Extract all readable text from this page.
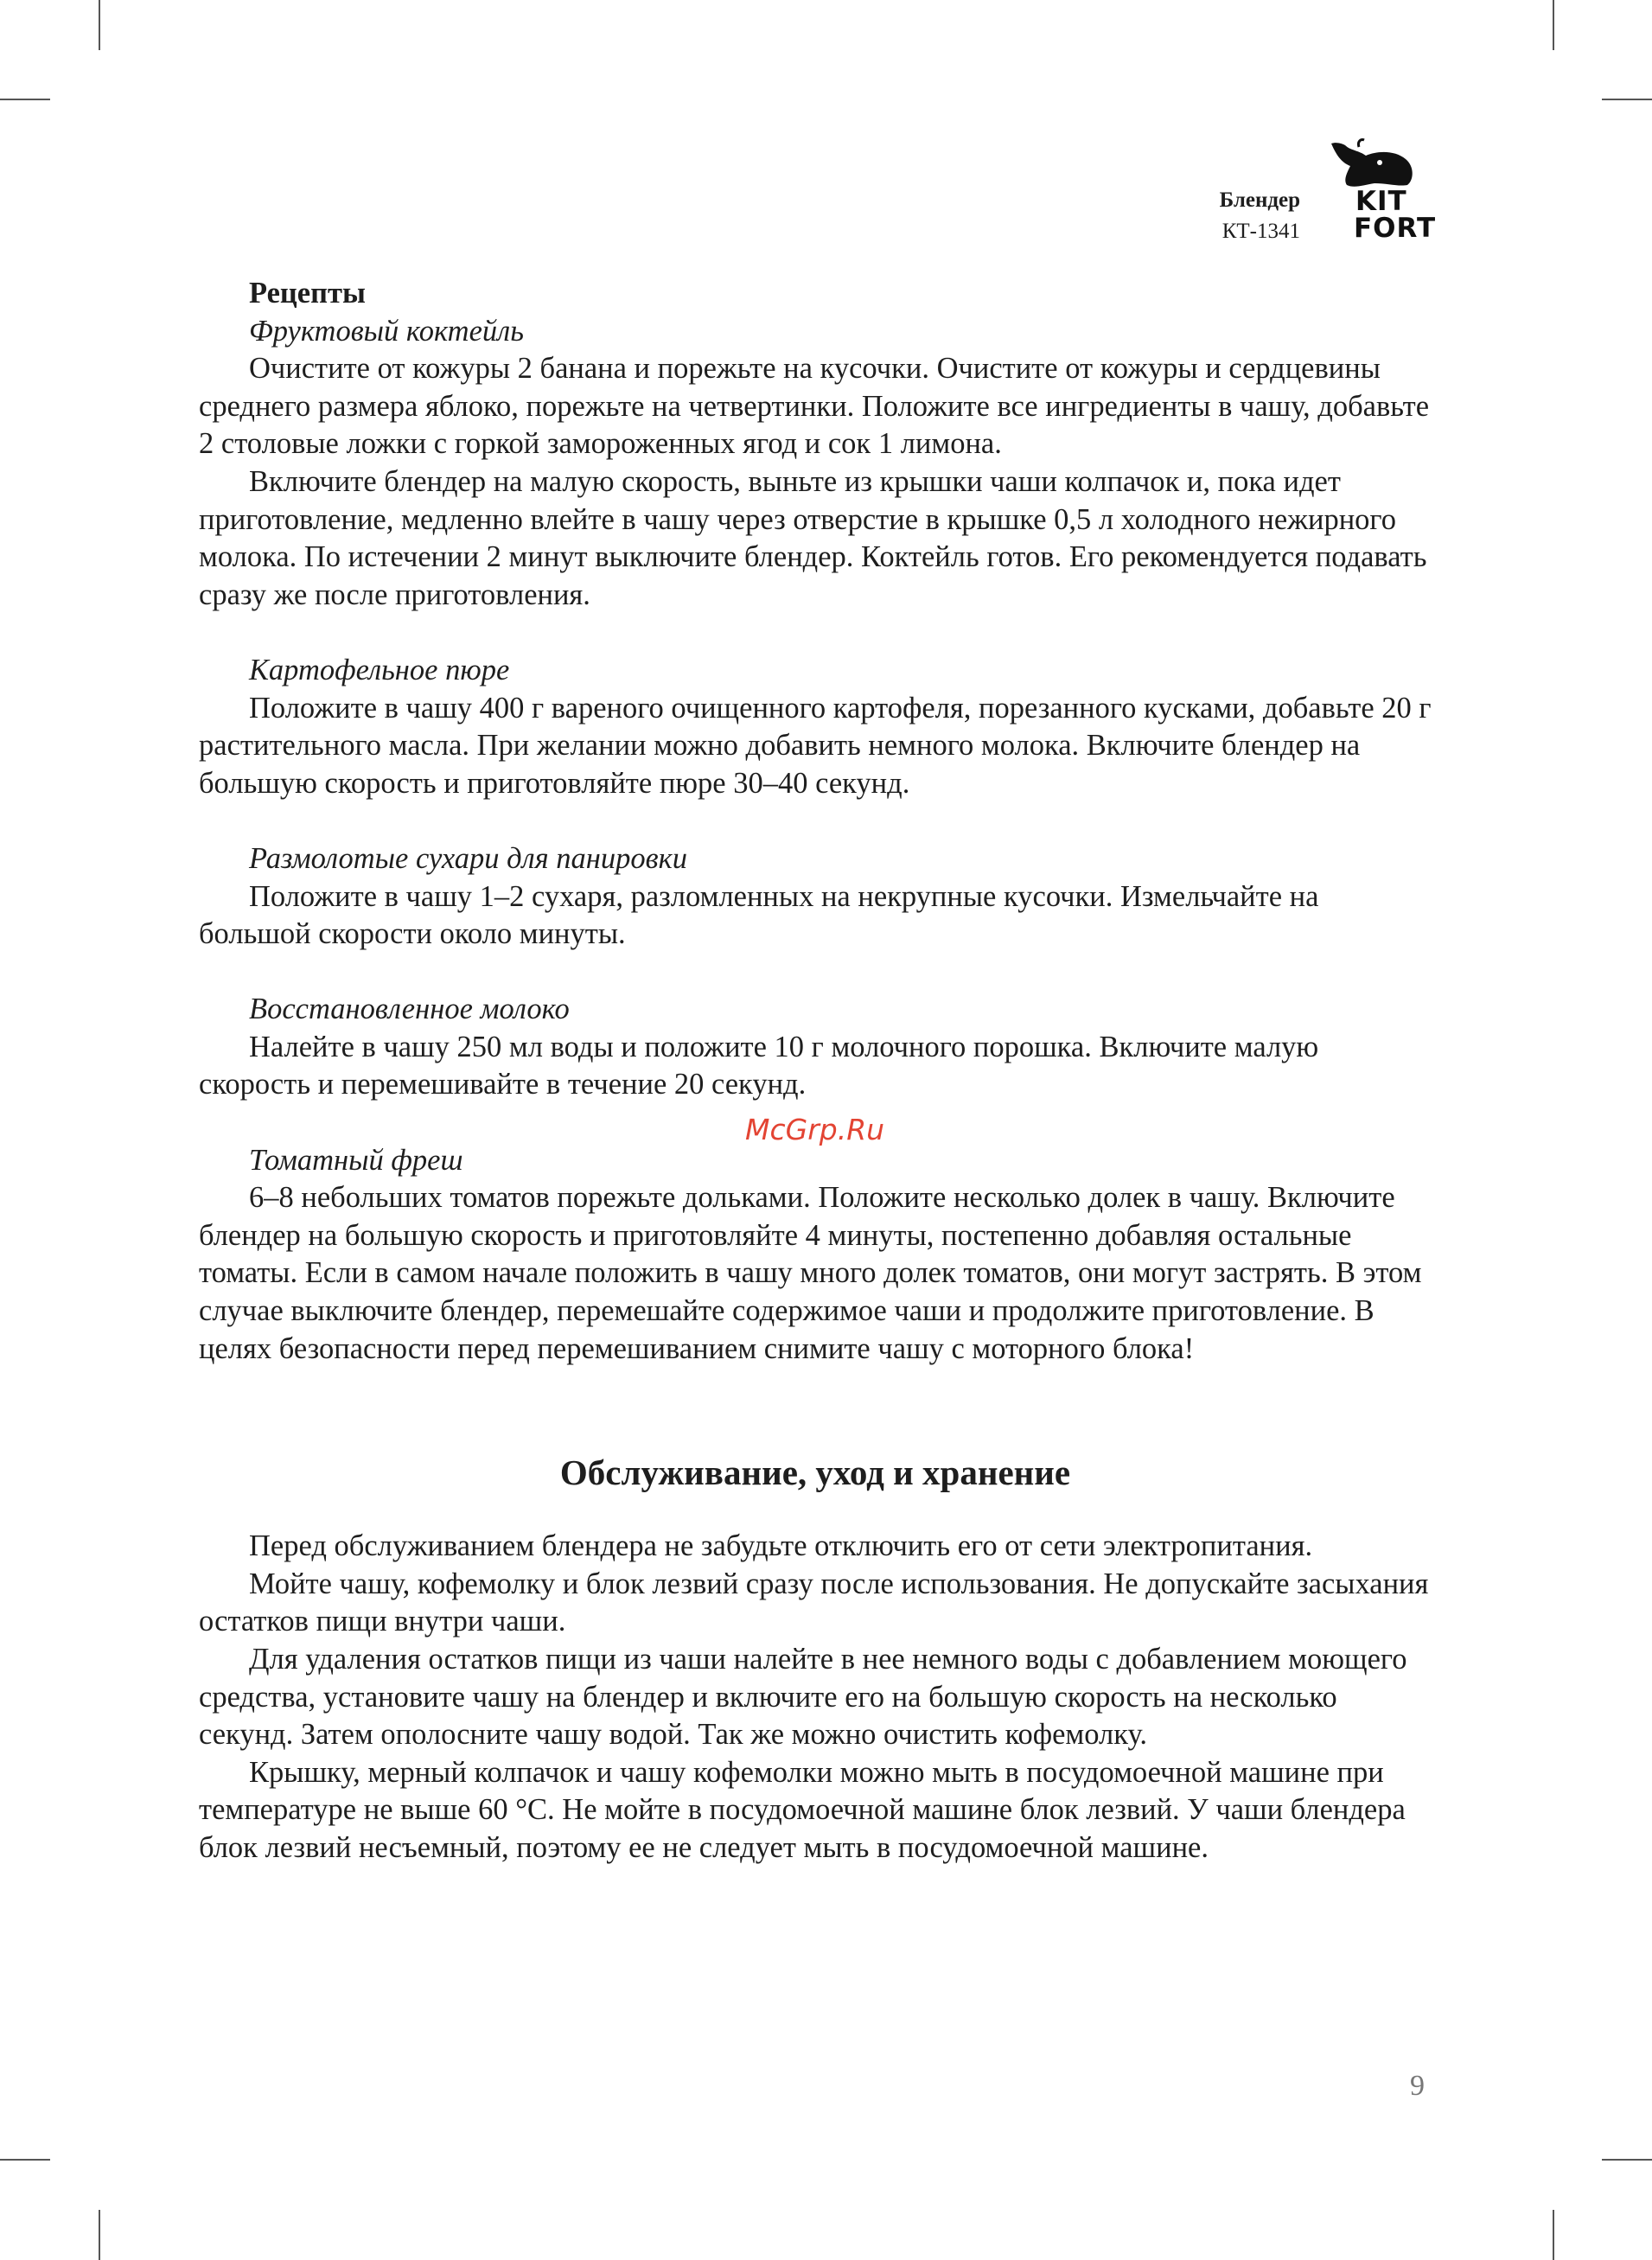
Блендер
КТ-1341
KIT
FORT
Рецепты
Фруктовый коктейль

Очистите от кожуры 2 банана и порежьте на кусочки. Очистите от кожуры и сердцевины среднего размера яблоко, порежьте на четвертинки. Положите все ингредиенты в чашу, добавьте 2 столовые ложки с горкой замороженных ягод и сок 1 лимона.

Включите блендер на малую скорость, выньте из крышки чаши колпачок и, пока идет приготовление, медленно влейте в чашу через отверстие в крышке 0,5 л холодного нежирного молока. По истечении 2 минут выключите блендер. Коктейль готов. Его рекомендуется подавать сразу же после приготовления.

Картофельное пюре

Положите в чашу 400 г вареного очищенного картофеля, порезанного кусками, добавьте 20 г растительного масла. При желании можно добавить немного молока. Включите блендер на большую скорость и приготовляйте пюре 30–40 секунд.

Размолотые сухари для панировки

Положите в чашу 1–2 сухаря, разломленных на некрупные кусочки. Измельчайте на большой скорости около минуты.

Восстановленное молоко

Налейте в чашу 250 мл воды и положите 10 г молочного порошка. Включите малую скорость и перемешивайте в течение 20 секунд.

Томатный фреш

6–8 небольших томатов порежьте дольками. Положите несколько долек в чашу. Включите блендер на большую скорость и приготовляйте 4 минуты, постепенно добавляя остальные томаты. Если в самом начале положить в чашу много долек томатов, они могут застрять. В этом случае выключите блендер, перемешайте содержимое чаши и продолжите приготовление. В целях безопасности перед перемешиванием снимите чашу с моторного блока!

Обслуживание, уход и хранение

Перед обслуживанием блендера не забудьте отключить его от сети электропитания.

Мойте чашу, кофемолку и блок лезвий сразу после использования. Не допускайте засыхания остатков пищи внутри чаши.

Для удаления остатков пищи из чаши налейте в нее немного воды с добавлением моющего средства, установите чашу на блендер и включите его на большую скорость на несколько секунд. Затем ополосните чашу водой. Так же можно очистить кофемолку.

Крышку, мерный колпачок и чашу кофемолки можно мыть в посудомоечной машине при температуре не выше 60 °С. Не мойте в посудомоечной машине блок лезвий. У чаши блендера блок лезвий несъемный, поэтому ее не следует мыть в посудомоечной машине.

McGrp.Ru
9
